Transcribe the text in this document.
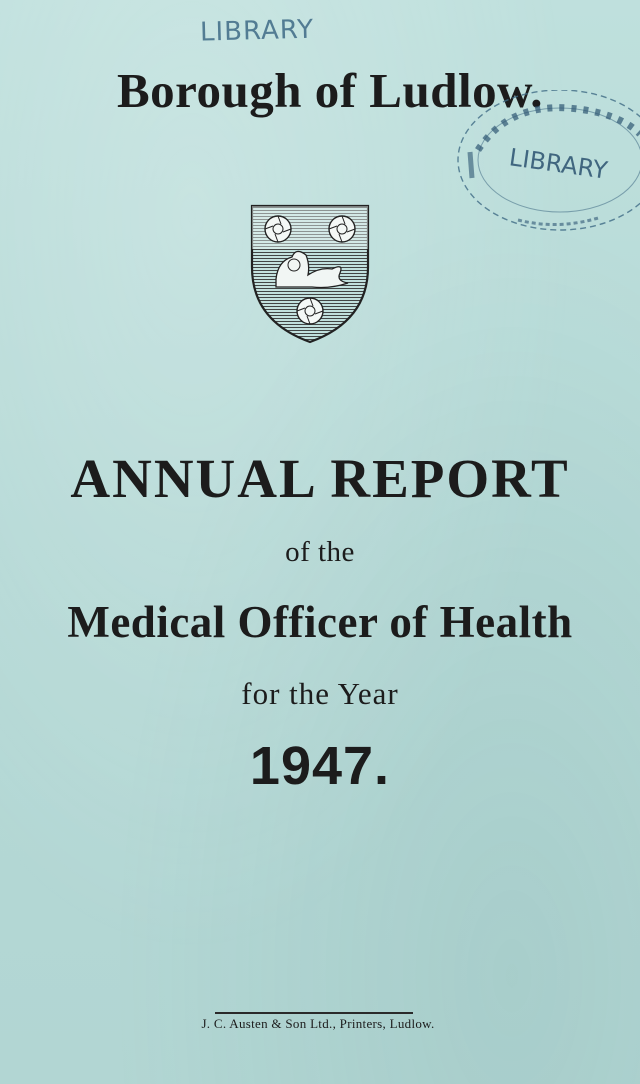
LIBRARY
Borough of Ludlow.
LIBRARY
ANNUAL REPORT

of the

Medical Officer of Health

for the Year

1947.

J. C. Austen & Son Ltd., Printers, Ludlow.
